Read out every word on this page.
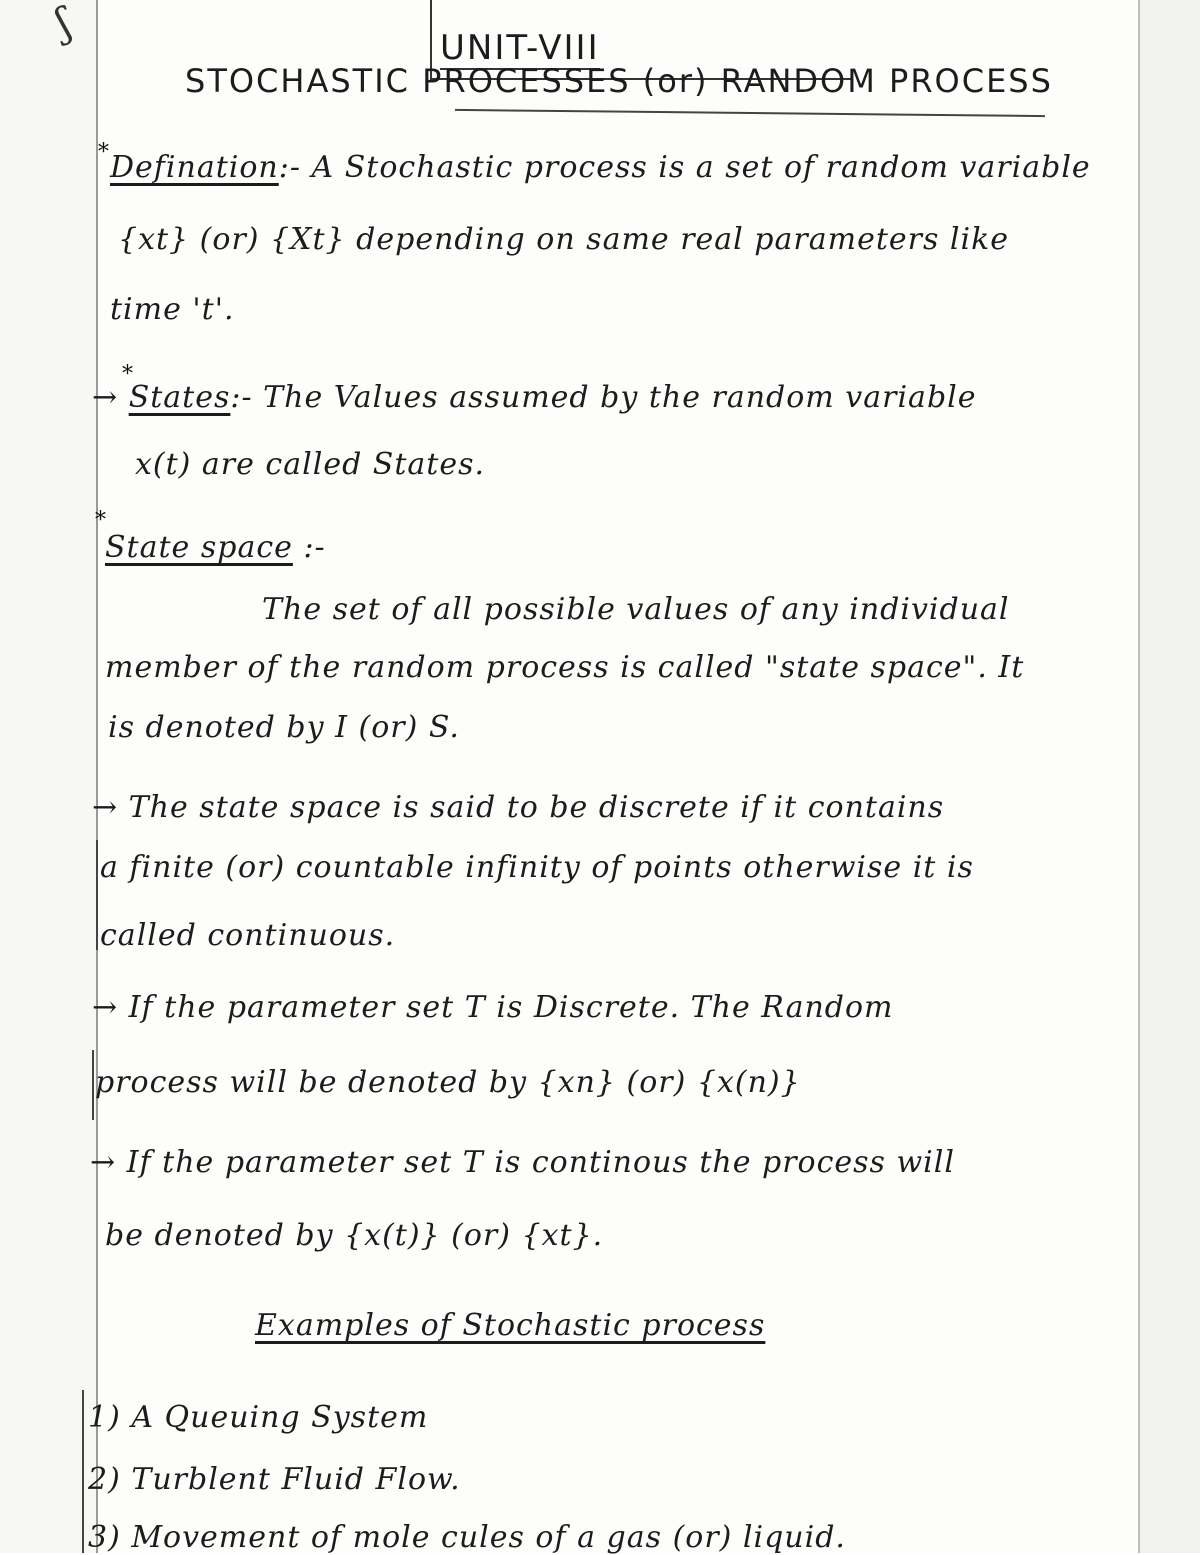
ʃ
UNIT-VIII
STOCHASTIC PROCESSES (or) RANDOM PROCESS
* Defination:- A Stochastic process is a set of random variable
{xt} (or) {Xt} depending on same real parameters like
time 't'.
*
→ States:- The Values assumed by the random variable
x(t) are called States.
*
State space :-
The set of all possible values of any individual
member of the random process is called "state space". It
is denoted by I (or) S.
→ The state space is said to be discrete if it contains
a finite (or) countable infinity of points otherwise it is
called continuous.
→ If the parameter set T is Discrete. The Random
process will be denoted by {xn} (or) {x(n)}
→ If the parameter set T is continous the process will
be denoted by {x(t)} (or) {xt}.
Examples of Stochastic process
1) A Queuing System
2) Turblent Fluid Flow.
3) Movement of mole cules of a gas (or) liquid.
